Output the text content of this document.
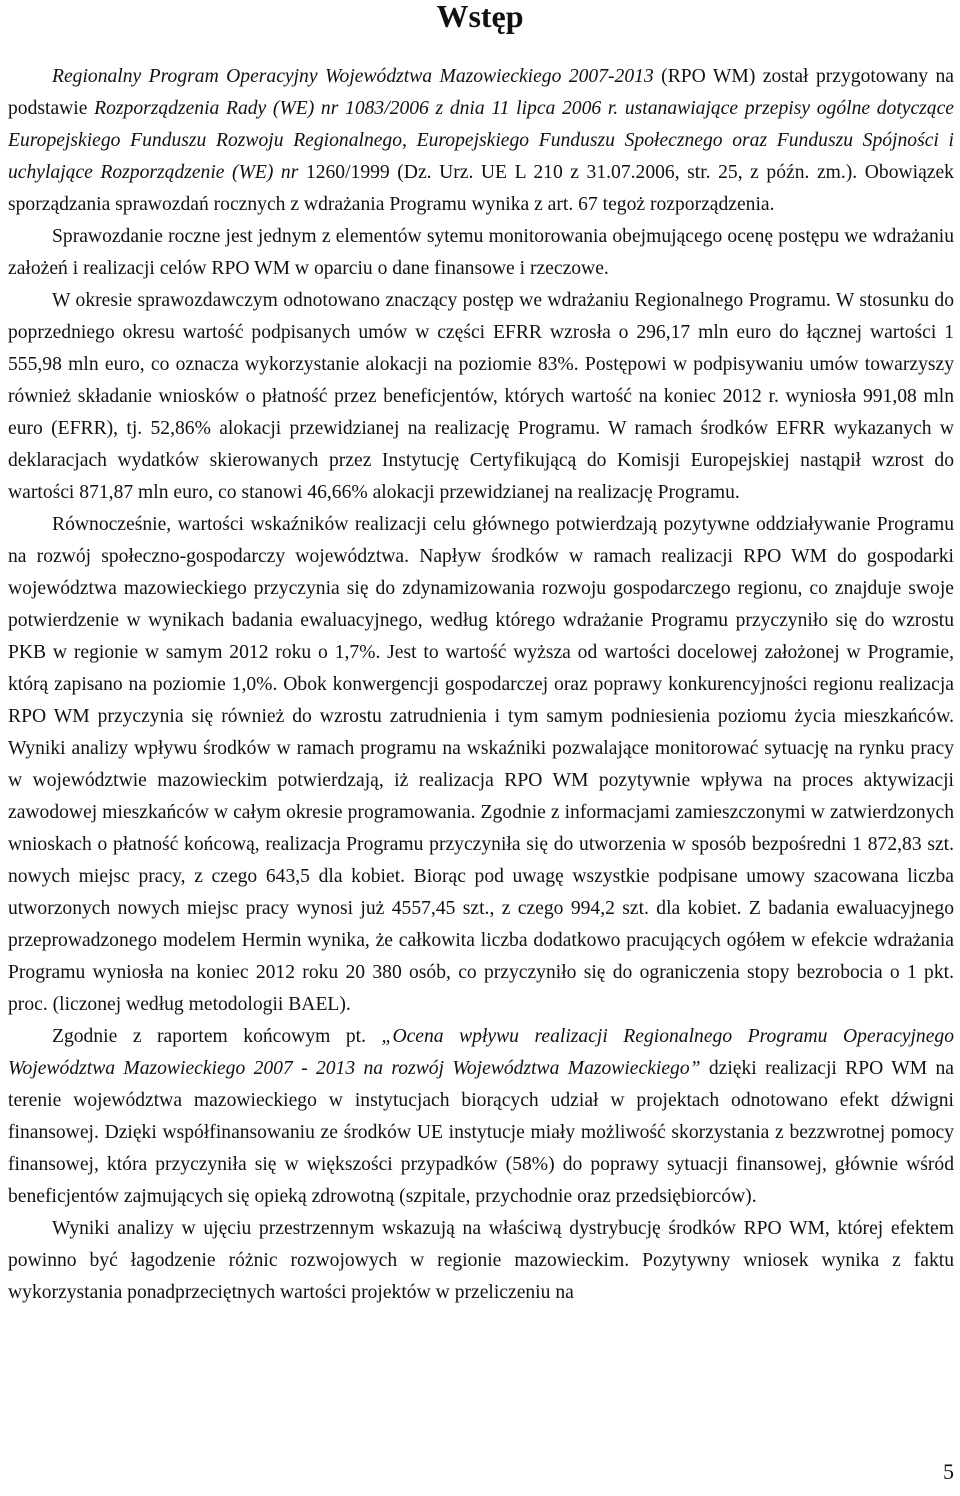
Wstęp

Regionalny Program Operacyjny Województwa Mazowieckiego 2007-2013 (RPO WM) został przygotowany na podstawie Rozporządzenia Rady (WE) nr 1083/2006 z dnia 11 lipca 2006 r. ustanawiające przepisy ogólne dotyczące Europejskiego Funduszu Rozwoju Regionalnego, Europejskiego Funduszu Społecznego oraz Funduszu Spójności i uchylające Rozporządzenie (WE) nr 1260/1999 (Dz. Urz. UE L 210 z 31.07.2006, str. 25, z późn. zm.). Obowiązek sporządzania sprawozdań rocznych z wdrażania Programu wynika z art. 67 tegoż rozporządzenia.

Sprawozdanie roczne jest jednym z elementów sytemu monitorowania obejmującego ocenę postępu we wdrażaniu założeń i realizacji celów RPO WM w oparciu o dane finansowe i rzeczowe.

W okresie sprawozdawczym odnotowano znaczący postęp we wdrażaniu Regionalnego Programu. W stosunku do poprzedniego okresu wartość podpisanych umów w części EFRR wzrosła o 296,17 mln euro do łącznej wartości 1 555,98 mln euro, co oznacza wykorzystanie alokacji na poziomie 83%. Postępowi w podpisywaniu umów towarzyszy również składanie wniosków o płatność przez beneficjentów, których wartość na koniec 2012 r. wyniosła 991,08 mln euro (EFRR), tj. 52,86% alokacji przewidzianej na realizację Programu. W ramach środków EFRR wykazanych w deklaracjach wydatków skierowanych przez Instytucję Certyfikującą do Komisji Europejskiej nastąpił wzrost do wartości 871,87 mln euro, co stanowi 46,66% alokacji przewidzianej na realizację Programu.

Równocześnie, wartości wskaźników realizacji celu głównego potwierdzają pozytywne oddziaływanie Programu na rozwój społeczno-gospodarczy województwa. Napływ środków w ramach realizacji RPO WM do gospodarki województwa mazowieckiego przyczynia się do zdynamizowania rozwoju gospodarczego regionu, co znajduje swoje potwierdzenie w wynikach badania ewaluacyjnego, według którego wdrażanie Programu przyczyniło się do wzrostu PKB w regionie w samym 2012 roku o 1,7%. Jest to wartość wyższa od wartości docelowej założonej w Programie, którą zapisano na poziomie 1,0%. Obok konwergencji gospodarczej oraz poprawy konkurencyjności regionu realizacja RPO WM przyczynia się również do wzrostu zatrudnienia i tym samym podniesienia poziomu życia mieszkańców. Wyniki analizy wpływu środków w ramach programu na wskaźniki pozwalające monitorować sytuację na rynku pracy w województwie mazowieckim potwierdzają, iż realizacja RPO WM pozytywnie wpływa na proces aktywizacji zawodowej mieszkańców w całym okresie programowania. Zgodnie z informacjami zamieszczonymi w zatwierdzonych wnioskach o płatność końcową, realizacja Programu przyczyniła się do utworzenia w sposób bezpośredni 1 872,83 szt. nowych miejsc pracy, z czego 643,5 dla kobiet. Biorąc pod uwagę wszystkie podpisane umowy szacowana liczba utworzonych nowych miejsc pracy wynosi już 4557,45 szt., z czego 994,2 szt. dla kobiet. Z badania ewaluacyjnego przeprowadzonego modelem Hermin wynika, że całkowita liczba dodatkowo pracujących ogółem w efekcie wdrażania Programu wyniosła na koniec 2012 roku 20 380 osób, co przyczyniło się do ograniczenia stopy bezrobocia o 1 pkt. proc. (liczonej według metodologii BAEL).

Zgodnie z raportem końcowym pt. „Ocena wpływu realizacji Regionalnego Programu Operacyjnego Województwa Mazowieckiego 2007 - 2013 na rozwój Województwa Mazowieckiego” dzięki realizacji RPO WM na terenie województwa mazowieckiego w instytucjach biorących udział w projektach odnotowano efekt dźwigni finansowej. Dzięki współfinansowaniu ze środków UE instytucje miały możliwość skorzystania z bezzwrotnej pomocy finansowej, która przyczyniła się w większości przypadków (58%) do poprawy sytuacji finansowej, głównie wśród beneficjentów zajmujących się opieką zdrowotną (szpitale, przychodnie oraz przedsiębiorców).

Wyniki analizy w ujęciu przestrzennym wskazują na właściwą dystrybucję środków RPO WM, której efektem powinno być łagodzenie różnic rozwojowych w regionie mazowieckim. Pozytywny wniosek wynika z faktu wykorzystania ponadprzeciętnych wartości projektów w przeliczeniu na

5
